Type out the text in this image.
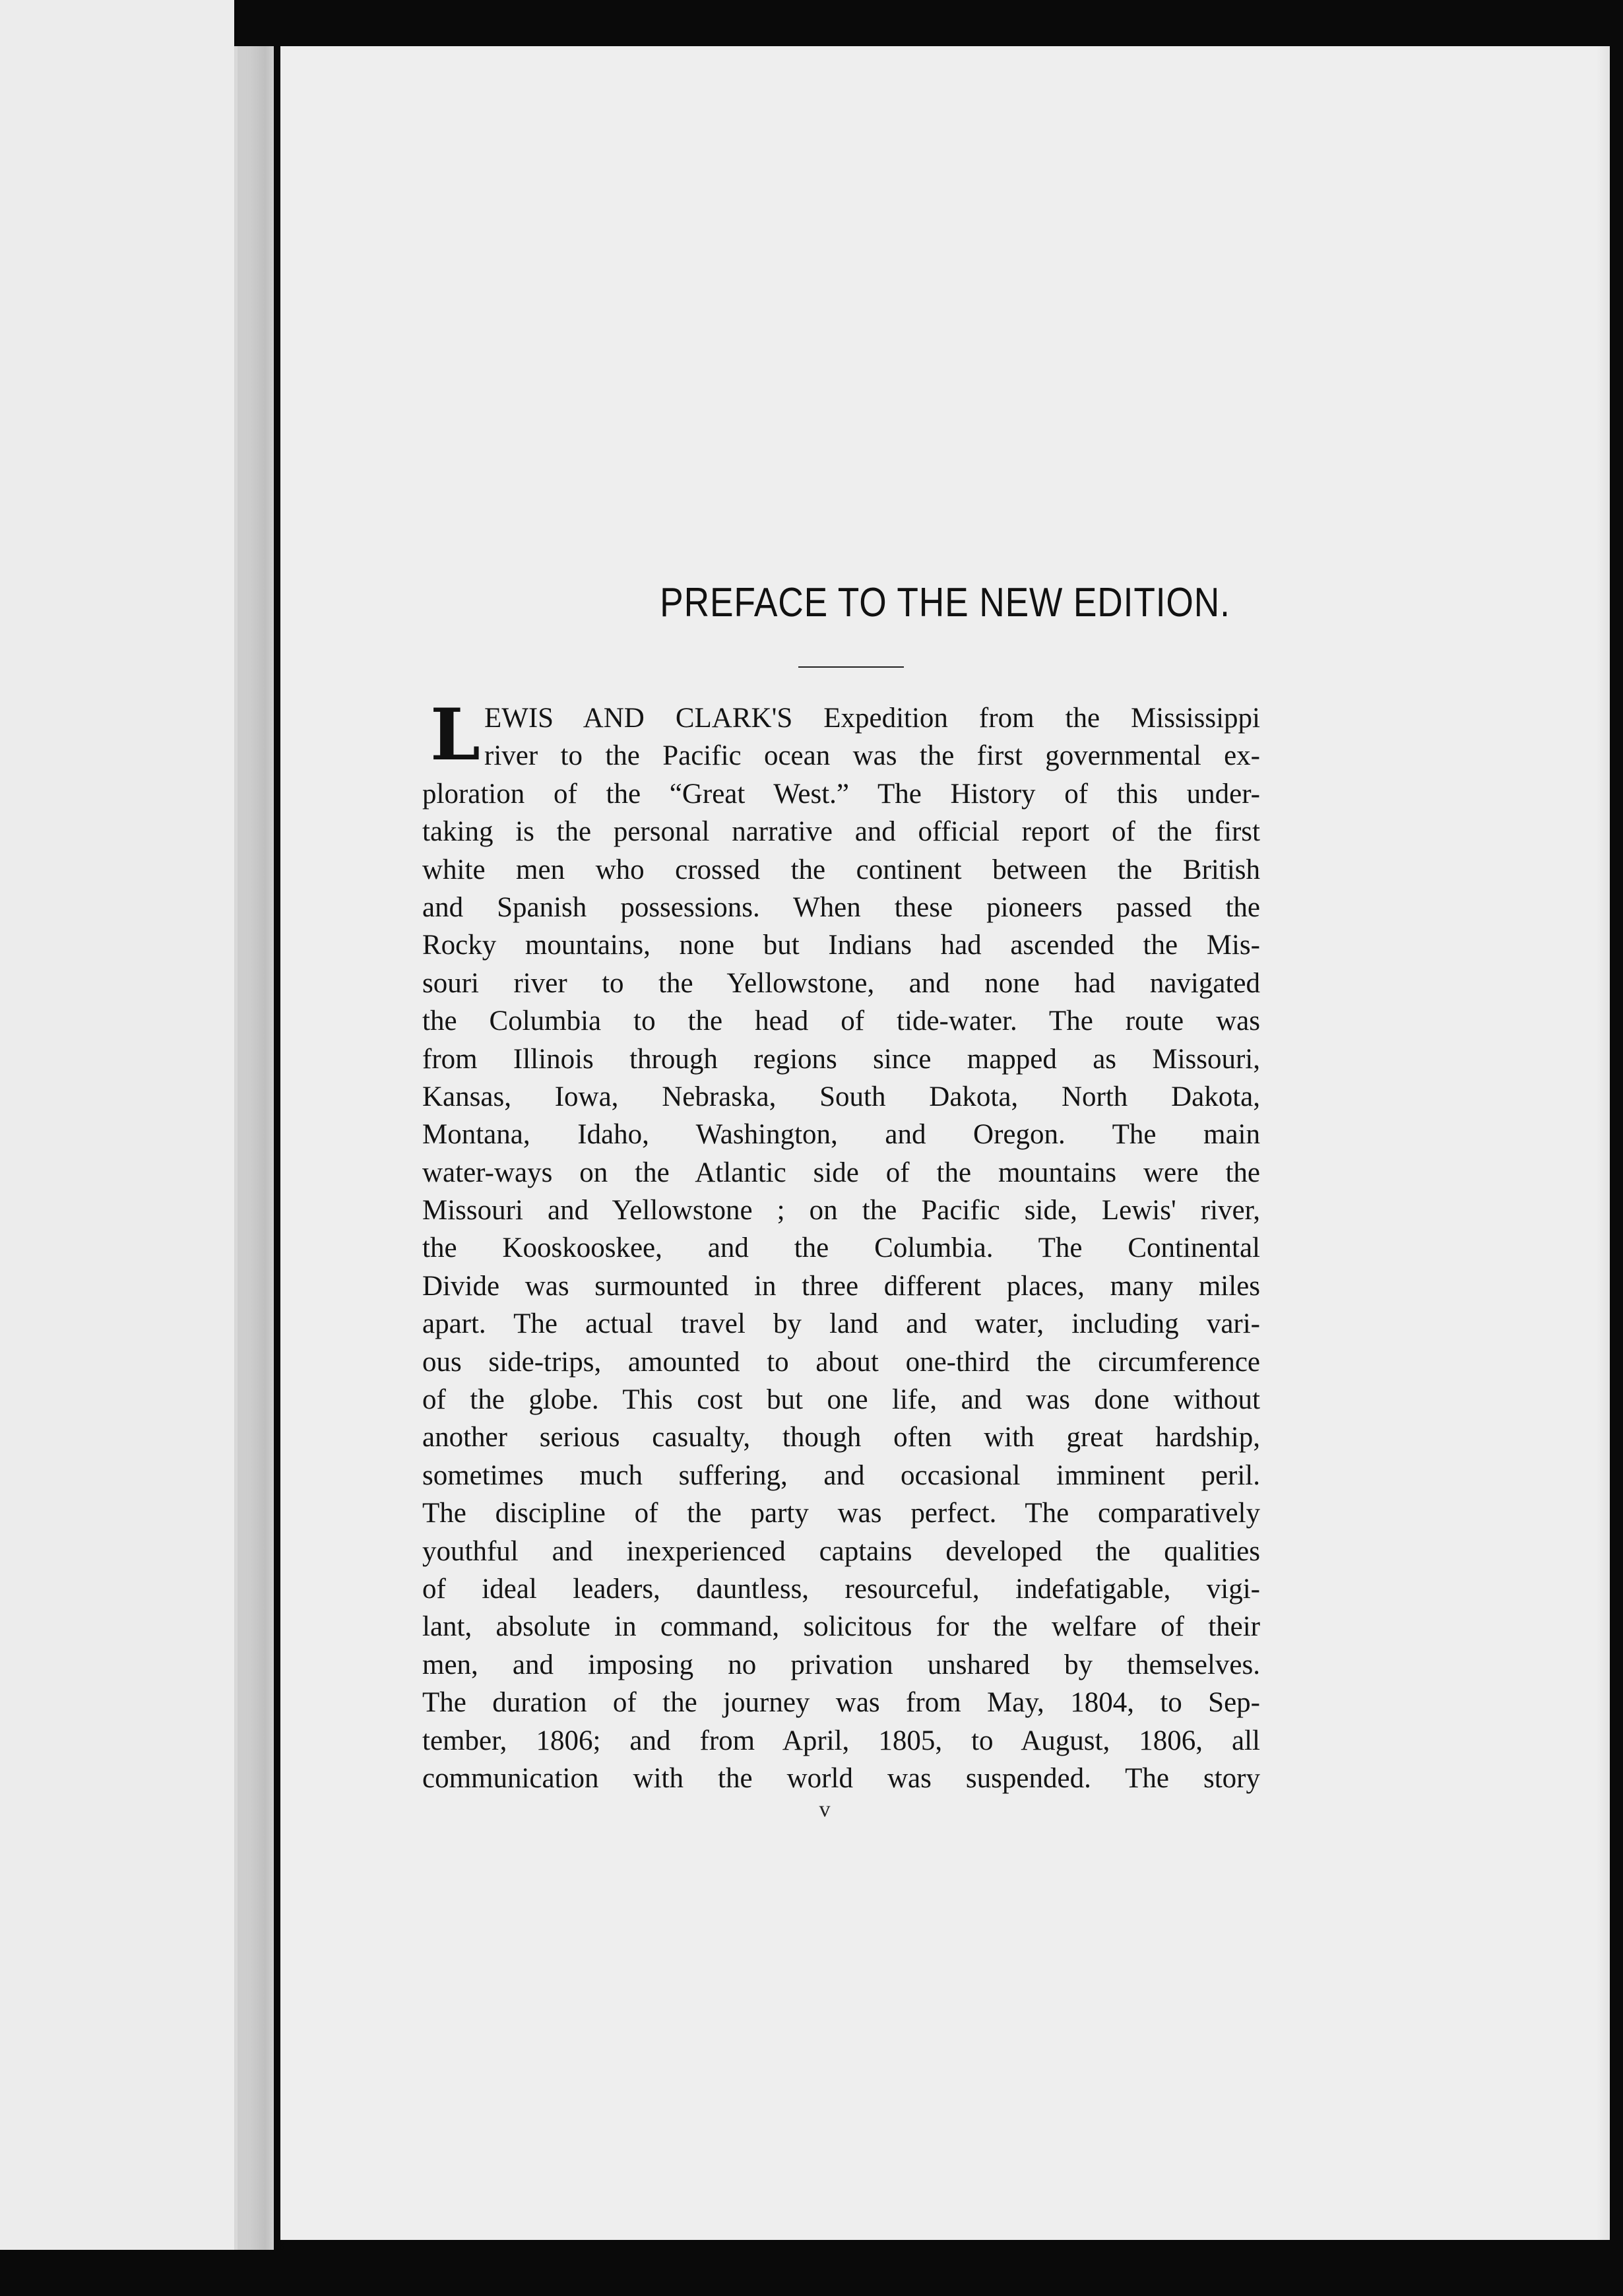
PREFACE TO THE NEW EDITION.
L EWIS AND CLARK'S Expedition from the Mississippi
river to the Pacific ocean was the first governmental ex-
ploration of the “Great West.” The History of this under-
taking is the personal narrative and official report of the first
white men who crossed the continent between the British
and Spanish possessions. When these pioneers passed the
Rocky mountains, none but Indians had ascended the Mis-
souri river to the Yellowstone, and none had navigated
the Columbia to the head of tide-water. The route was
from Illinois through regions since mapped as Missouri,
Kansas, Iowa, Nebraska, South Dakota, North Dakota,
Montana, Idaho, Washington, and Oregon. The main
water-ways on the Atlantic side of the mountains were the
Missouri and Yellowstone ; on the Pacific side, Lewis' river,
the Kooskooskee, and the Columbia. The Continental
Divide was surmounted in three different places, many miles
apart. The actual travel by land and water, including vari-
ous side-trips, amounted to about one-third the circumference
of the globe. This cost but one life, and was done without
another serious casualty, though often with great hardship,
sometimes much suffering, and occasional imminent peril.
The discipline of the party was perfect. The comparatively
youthful and inexperienced captains developed the qualities
of ideal leaders, dauntless, resourceful, indefatigable, vigi-
lant, absolute in command, solicitous for the welfare of their
men, and imposing no privation unshared by themselves.
The duration of the journey was from May, 1804, to Sep-
tember, 1806; and from April, 1805, to August, 1806, all
communication with the world was suspended. The story
v
